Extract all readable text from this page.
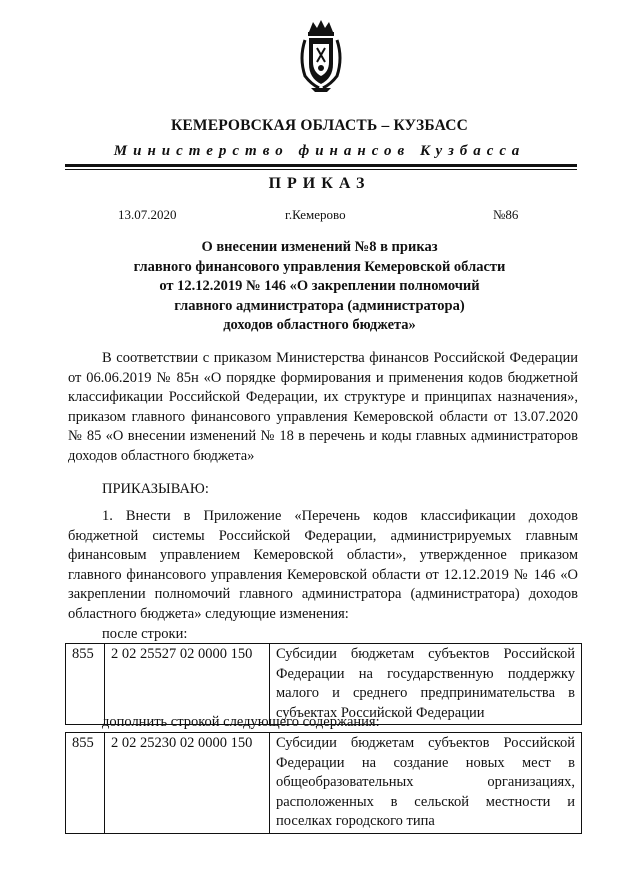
КЕМЕРОВСКАЯ ОБЛАСТЬ – КУЗБАСС
Министерство финансов Кузбасса
ПРИКАЗ
13.07.2020	г.Кемерово	№86
О внесении изменений №8 в приказ
главного финансового управления Кемеровской области
от 12.12.2019 № 146 «О закреплении полномочий
главного администратора (администратора)
доходов областного бюджета»
В соответствии с приказом Министерства финансов Российской Федерации от 06.06.2019 № 85н «О порядке формирования и применения кодов бюджетной классификации Российской Федерации, их структуре и принципах назначения», приказом главного финансового управления Кемеровской области от 13.07.2020 № 85 «О внесении изменений № 18 в перечень и коды главных администраторов доходов областного бюджета»
ПРИКАЗЫВАЮ:
1. Внести в Приложение «Перечень кодов классификации доходов бюджетной системы Российской Федерации, администрируемых главным финансовым управлением Кемеровской области», утвержденное приказом главного финансового управления Кемеровской области от 12.12.2019 № 146 «О закреплении полномочий главного администратора (администратора) доходов областного бюджета» следующие изменения:
после строки:
855	2 02 25527 02 0000 150	Субсидии бюджетам субъектов Российской
Федерации на государственную поддержку
малого и среднего предпринимательства в
субъектах Российской Федерации
дополнить строкой следующего содержания:
855	2 02 25230 02 0000 150	Субсидии бюджетам субъектов Российской
Федерации на создание новых мест в
общеобразовательных организациях,
расположенных в сельской местности и
поселках городского типа
